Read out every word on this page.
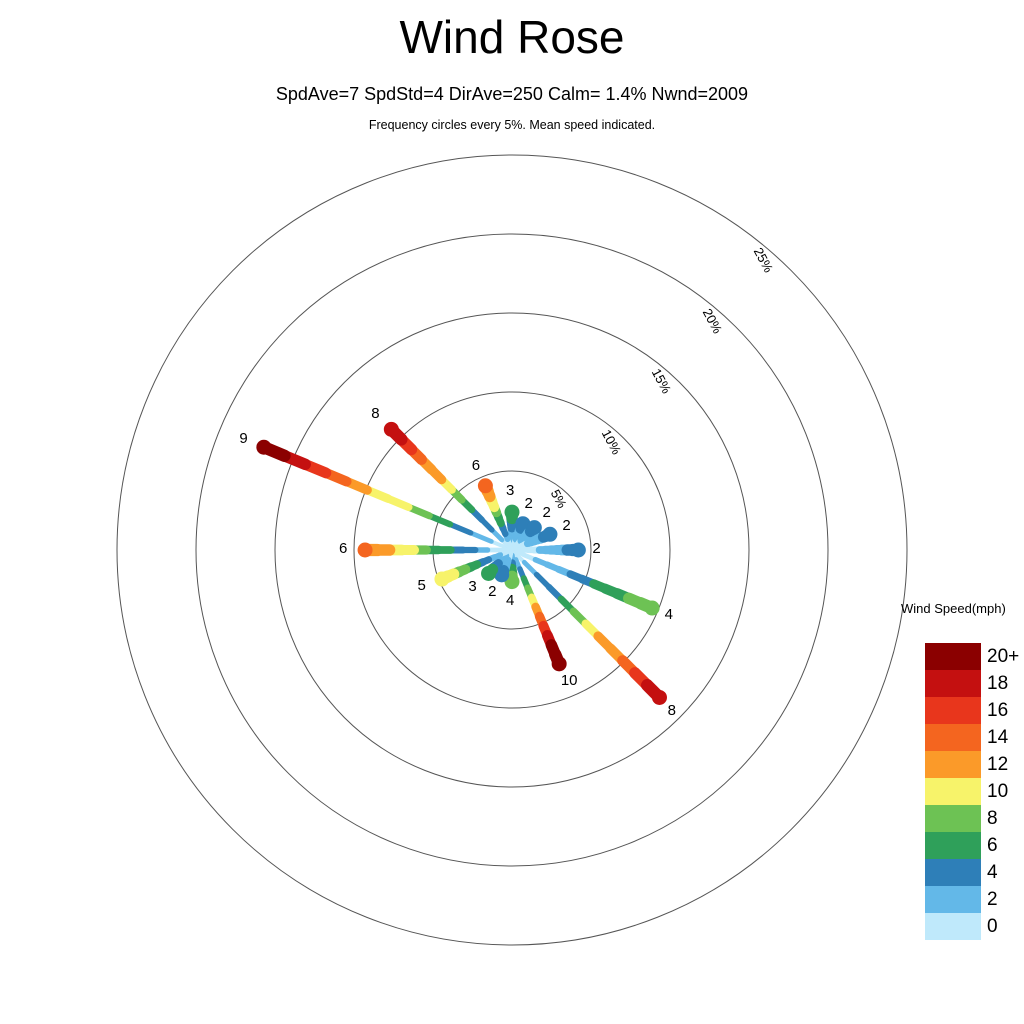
Wind Rose
SpdAve=7 SpdStd=4 DirAve=250 Calm= 1.4% Nwnd=2009
Frequency circles every 5%. Mean speed indicated.
Wind Speed(mph)
5%
10%
15%
20%
25%
3
2 2
2
2
4
8
10
4
2
3
5
6
9
8
6
20+
18
16
14
12
10
8
6
4
2
0
